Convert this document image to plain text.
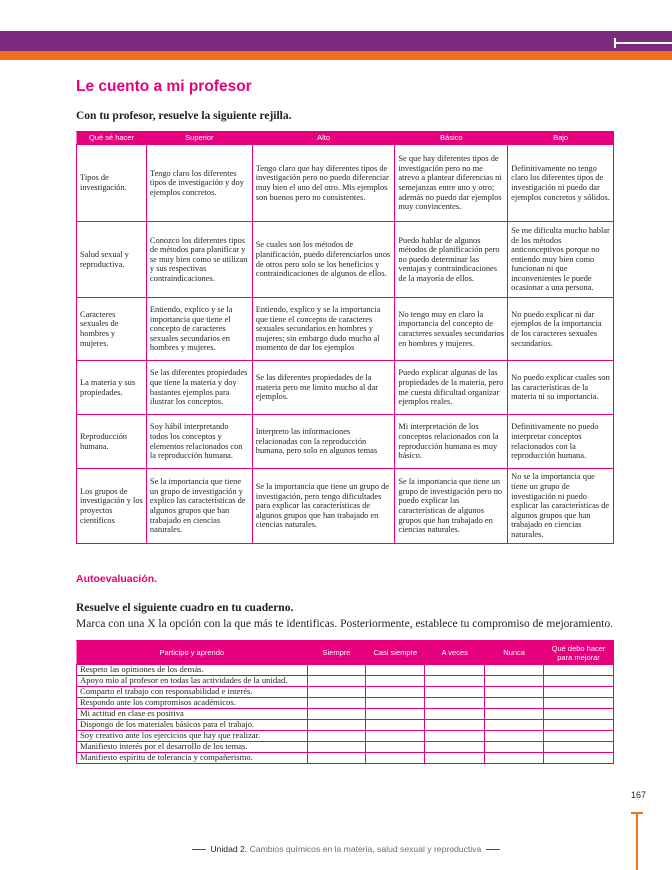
Le cuento a mi profesor
Con tu profesor, resuelve la siguiente rejilla.
Qué sé hacer	Superior	Alto	Básico	Bajo
Tipos de investigación.	Tengo claro los diferentes tipos de investigación y doy ejemplos concretos.	Tengo claro que hay diferentes tipos de investigación pero no puedo diferenciar muy bien el uno del otro. Mis ejemplos son buenos pero no consistentes.	Se que hay diferentes tipos de investigación pero no me atrevo a plantear diferencias ni semejanzas entre uno y otro; además no puedo dar ejemplos muy convincentes.	Definitivamente no tengo claro los diferentes tipos de investigación ni puedo dar ejemplos concretos y sólidos.
Salud sexual y reproductiva.	Conozco los diferentes tipos de métodos para planificar y se muy bien como se utilizan y sus respectivas contraindicaciones.	Se cuales son los métodos de planificación, puedo diferenciarlos unos de otros pero solo se los beneficios y contraindicaciones de algunos de ellos.	Puedo hablar de algunos métodos de planificación pero no puedo determinar las ventajas y contraindicaciones de la mayoría de ellos.	Se me dificulta mucho hablar de los métodos anticonceptivos porque no entiendo muy bien como funcionan ni que inconvenientes le puede ocasionar a una persona.
Caracteres sexuales de hombres y mujeres.	Entiendo, explico y se la importancia que tiene el concepto de caracteres sexuales secundarios en hombres y mujeres.	Entiendo, explico y se la importancia que tiene el concepto de caracteres sexuales secundarios en hombres y mujeres; sin embargo dudo mucho al momento de dar los ejemplos	No tengo muy en claro la importancia del concepto de caracteres sexuales secundarios en hombres y mujeres.	No puedo explicar ni dar ejemplos de la importancia de los caracteres sexuales secundarios.
La materia y sus propiedades.	Se las diferentes propiedades que tiene la materia y doy bastantes ejemplos para ilustrar los conceptos.	Se las diferentes propiedades de la materia pero me limito mucho al dar ejemplos.	Puedo explicar algunas de las propiedades de la materia, pero me cuesta dificultad organizar ejemplos reales.	No puedo explicar cuales son las características de la materia ni su importancia.
Reproducción humana.	Soy hábil interpretando todos los conceptos y elementos relacionados con la reproducción humana.	Interpreto las informaciones relacionadas con la reproducción humana, pero solo en algunos temas	Mi interpretación de los conceptos relacionados con la reproducción humana es muy básico.	Definitivamente no puedo interpretar conceptos relacionados con la reproducción humana.
Los grupos de investigación y los proyectos científicos	Se la importancia que tiene un grupo de investigación y explico las características de algunos grupos que han trabajado en ciencias naturales.	Se la importancia que tiene un grupo de investigación, pero tengo dificultades para explicar las características de algunos grupos que han trabajado en ciencias naturales.	Se la importancia que tiene un grupo de investigación pero no puedo explicar las características de algunos grupos que han trabajado en ciencias naturales.	No se la importancia que tiene un grupo de investigación ni puedo explicar las características de algunos grupos que han trabajado en ciencias naturales.
Autoevaluación.
Resuelve el siguiente cuadro en tu cuaderno.
Marca con una X la opción con la que más te identificas. Posteriormente, establece tu compromiso de mejoramiento.
Participo y aprendo	Siempre	Casi siempre	A veces	Nunca	Qué debo hacer para mejorar
Respeto las opiniones de los demás.					
Apoyo mío al profesor en todas las actividades de la unidad.					
Comparto el trabajo con responsabilidad e interés.					
Respondo ante los compromisos académicos.					
Mi actitud en clase es positiva					
Dispongo de los materiales básicos para el trabajo.					
Soy creativo ante los ejercicios que hay que realizar.					
Manifiesto interés por el desarrollo de los temas.					
Manifiesto espíritu de tolerancia y compañerismo.					
167
Unidad 2. Cambios químicos en la materia, salud sexual y reproductiva
